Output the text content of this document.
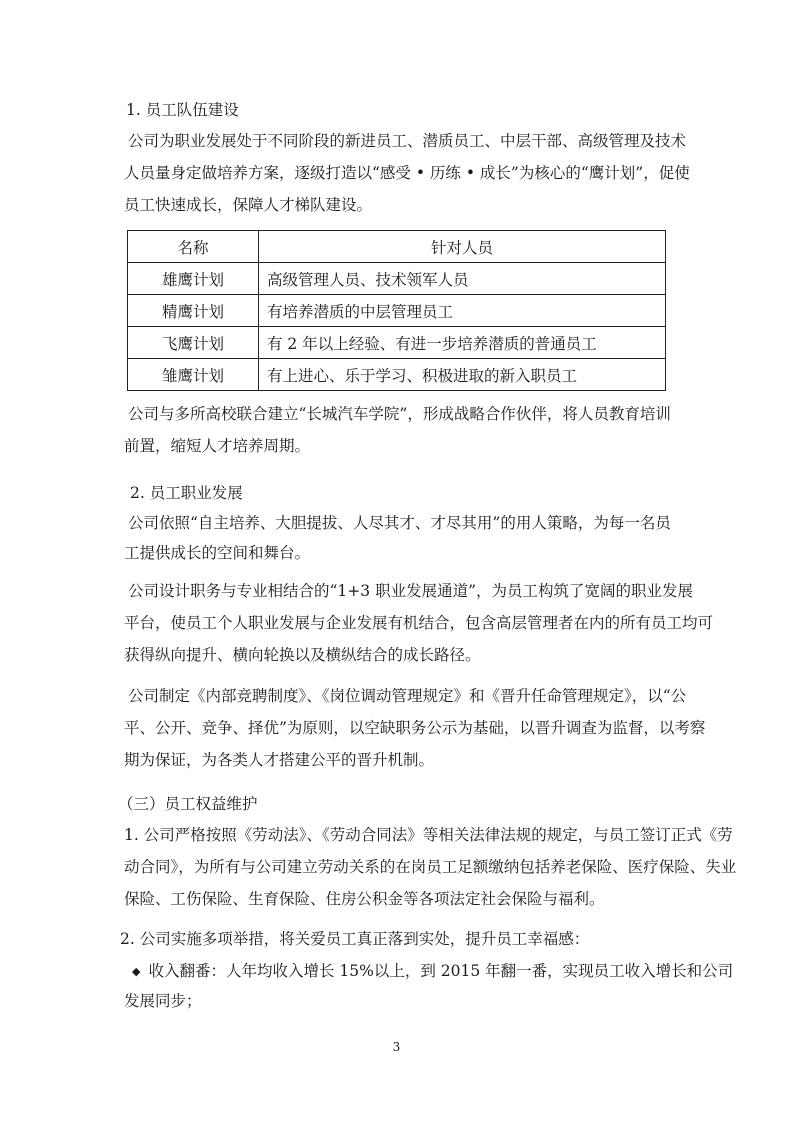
1. 员工队伍建设
公司为职业发展处于不同阶段的新进员工、潜质员工、中层干部、高级管理及技术
人员量身定做培养方案，逐级打造以“感受 • 历练 • 成长”为核心的“鹰计划”，促使
员工快速成长，保障人才梯队建设。
名称	针对人员
雄鹰计划	高级管理人员、技术领军人员
精鹰计划	有培养潜质的中层管理员工
飞鹰计划	有 2 年以上经验、有进一步培养潜质的普通员工
雏鹰计划	有上进心、乐于学习、积极进取的新入职员工
公司与多所高校联合建立“长城汽车学院”，形成战略合作伙伴，将人员教育培训
前置，缩短人才培养周期。
2. 员工职业发展
公司依照“自主培养、大胆提拔、人尽其才、才尽其用”的用人策略，为每一名员
工提供成长的空间和舞台。
公司设计职务与专业相结合的“1+3 职业发展通道”，为员工构筑了宽阔的职业发展
平台，使员工个人职业发展与企业发展有机结合，包含高层管理者在内的所有员工均可
获得纵向提升、横向轮换以及横纵结合的成长路径。
公司制定《内部竞聘制度》、《岗位调动管理规定》和《晋升任命管理规定》，以“公
平、公开、竞争、择优”为原则，以空缺职务公示为基础，以晋升调查为监督，以考察
期为保证，为各类人才搭建公平的晋升机制。
（三）员工权益维护
1. 公司严格按照《劳动法》、《劳动合同法》等相关法律法规的规定，与员工签订正式《劳
动合同》，为所有与公司建立劳动关系的在岗员工足额缴纳包括养老保险、医疗保险、失业
保险、工伤保险、生育保险、住房公积金等各项法定社会保险与福利。
2. 公司实施多项举措，将关爱员工真正落到实处，提升员工幸福感：
◆ 收入翻番：人年均收入增长 15%以上，到 2015 年翻一番，实现员工收入增长和公司
发展同步；
3
